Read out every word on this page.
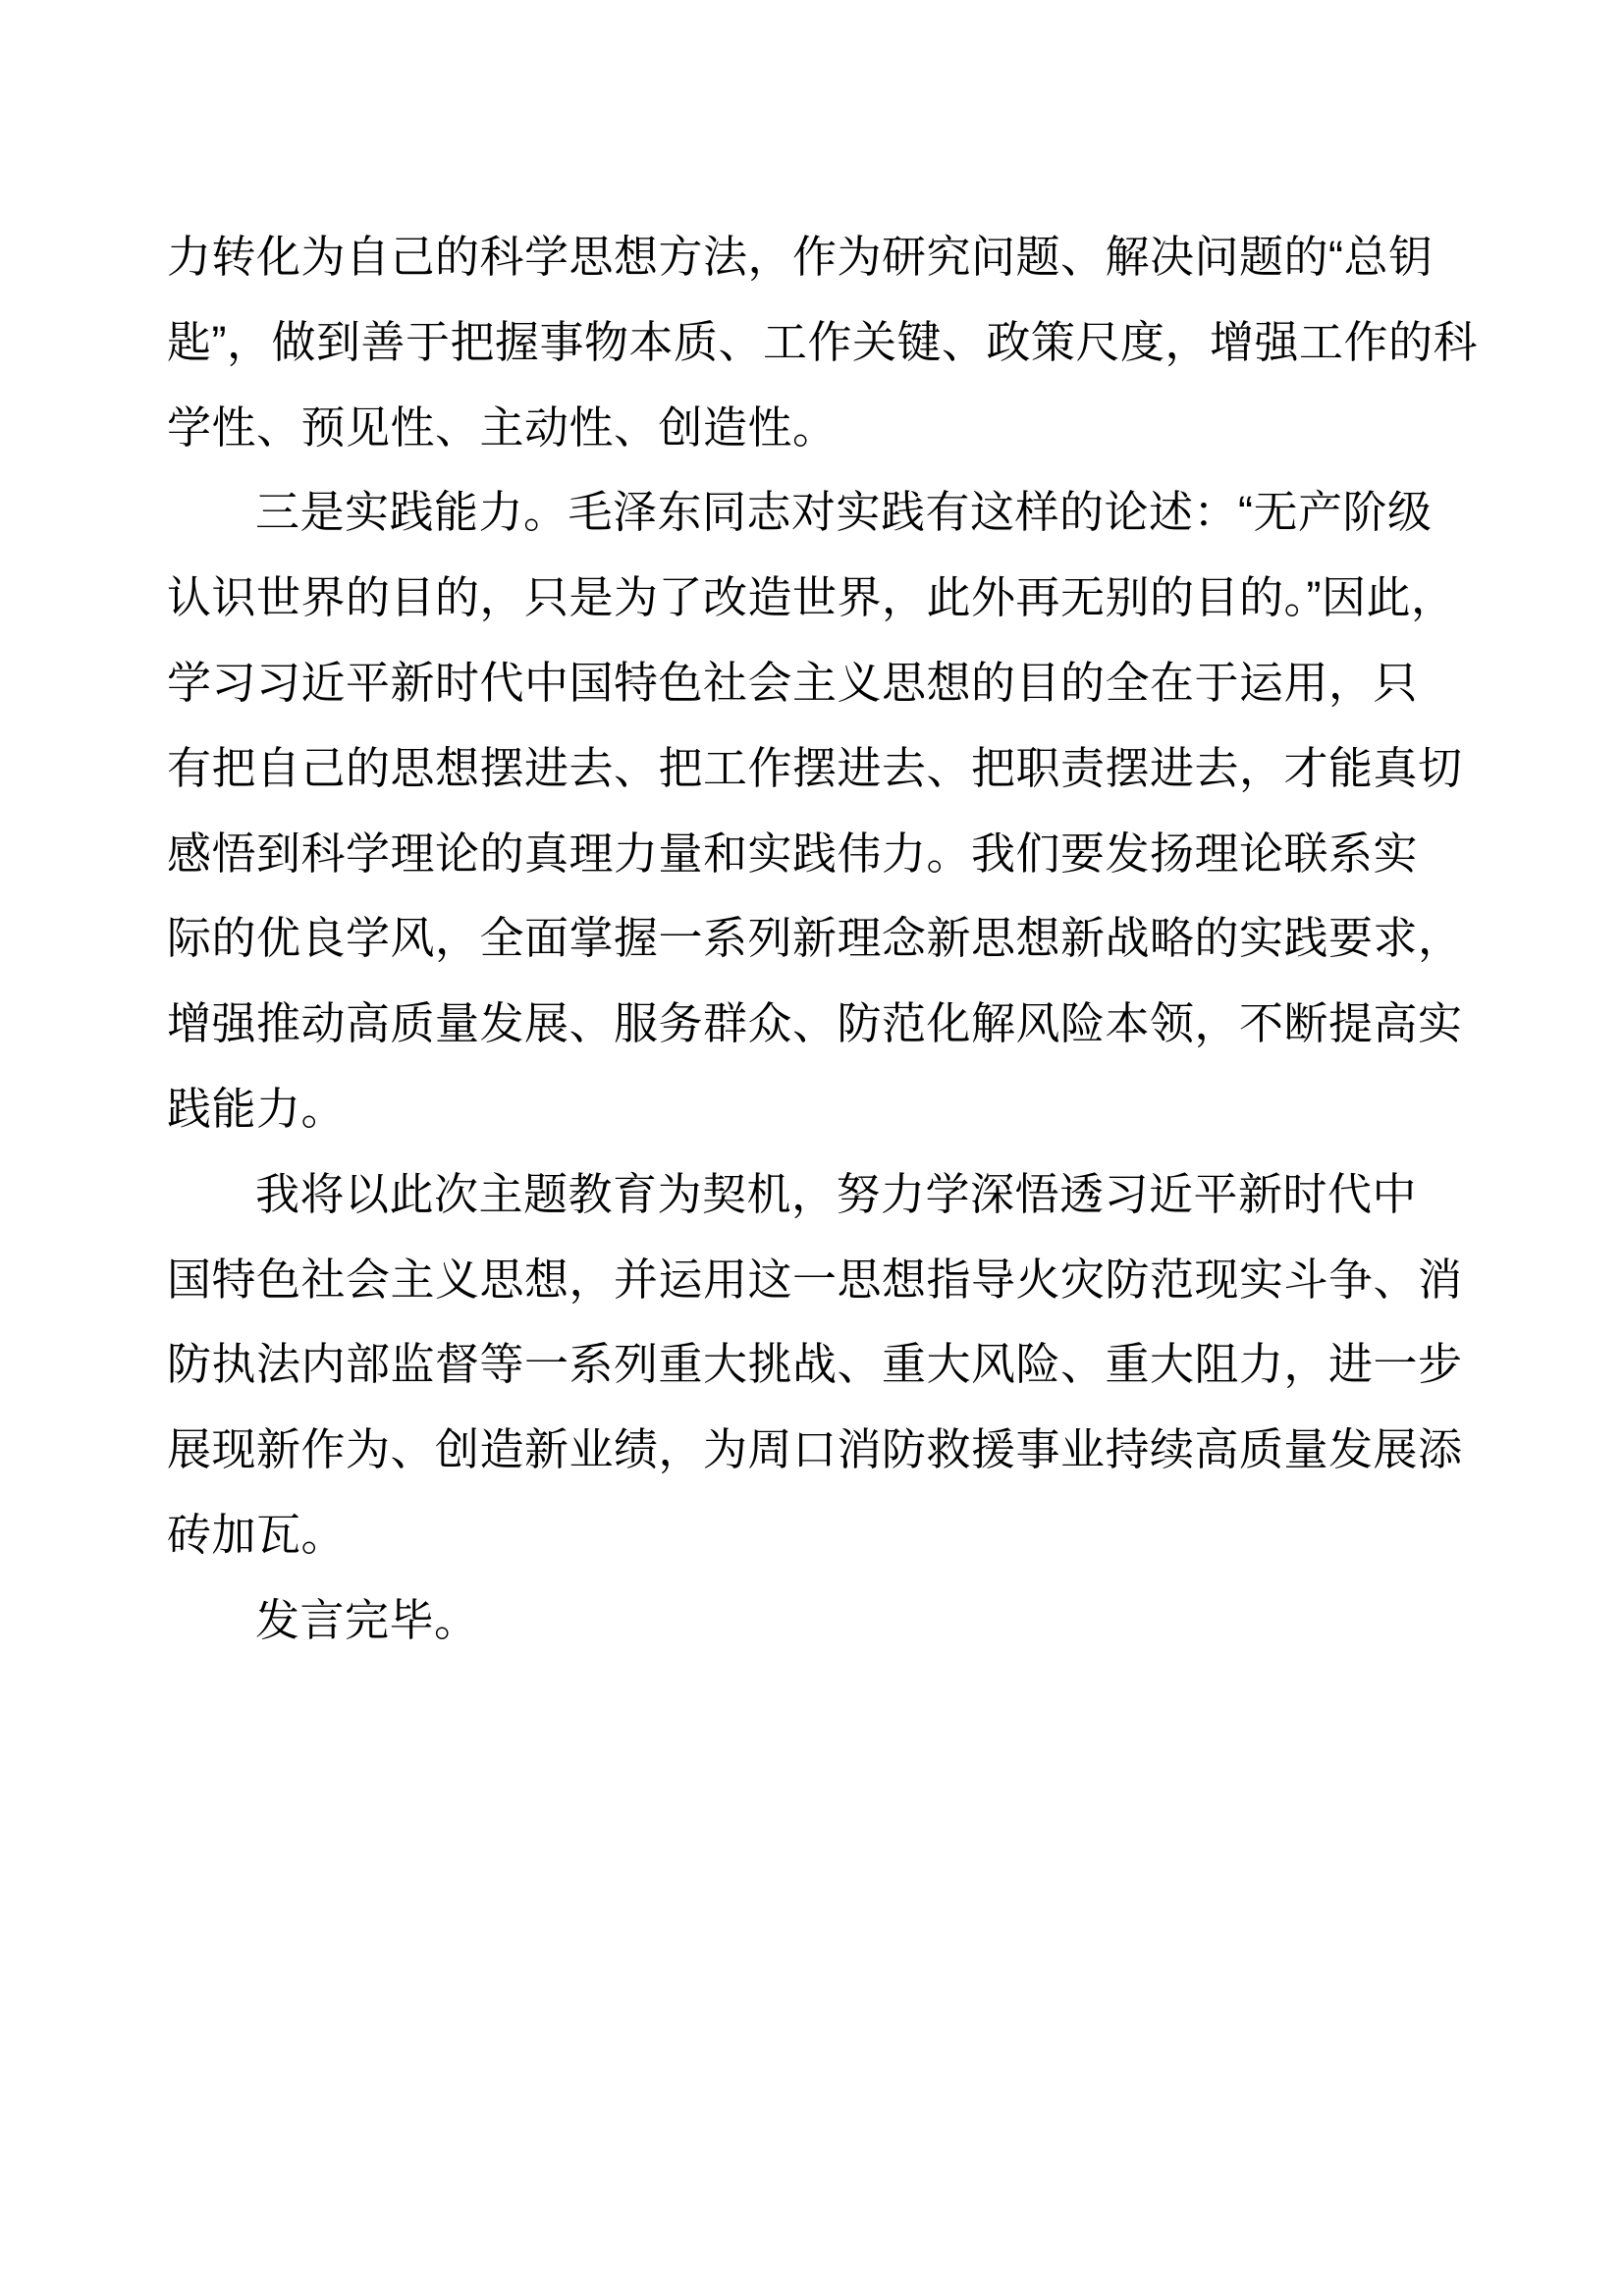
力转化为自己的科学思想方法，作为研究问题、解决问题的“总钥
匙”，做到善于把握事物本质、工作关键、政策尺度，增强工作的科
学性、预见性、主动性、创造性。
三是实践能力。毛泽东同志对实践有这样的论述：“无产阶级
认识世界的目的，只是为了改造世界，此外再无别的目的。”因此，
学习习近平新时代中国特色社会主义思想的目的全在于运用，只
有把自己的思想摆进去、把工作摆进去、把职责摆进去，才能真切
感悟到科学理论的真理力量和实践伟力。我们要发扬理论联系实
际的优良学风，全面掌握一系列新理念新思想新战略的实践要求，
增强推动高质量发展、服务群众、防范化解风险本领，不断提高实
践能力。
我将以此次主题教育为契机，努力学深悟透习近平新时代中
国特色社会主义思想，并运用这一思想指导火灾防范现实斗争、消
防执法内部监督等一系列重大挑战、重大风险、重大阻力，进一步
展现新作为、创造新业绩，为周口消防救援事业持续高质量发展添
砖加瓦。
发言完毕。
